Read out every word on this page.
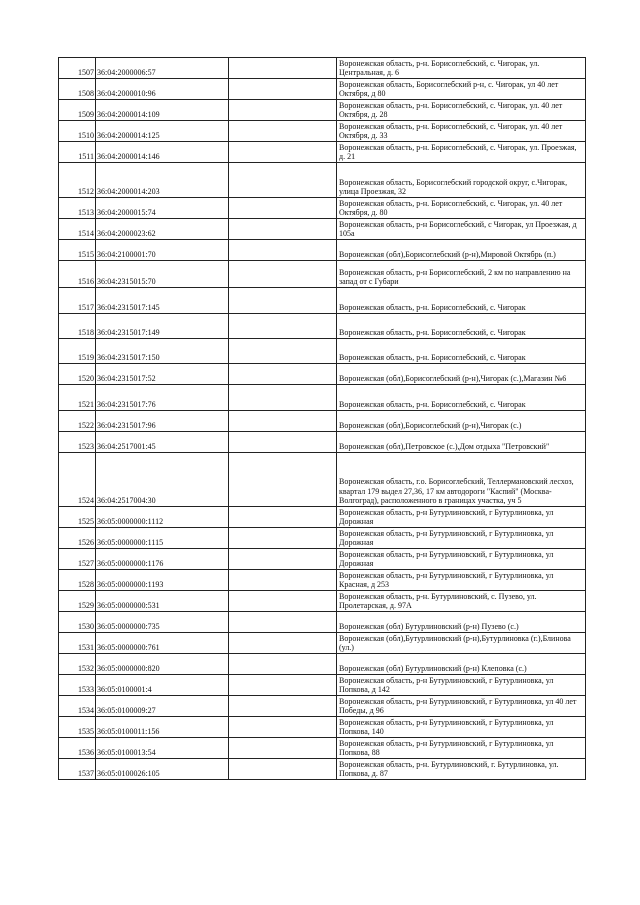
1507	36:04:2000006:57		Воронежская область, р-н. Борисоглебский, с. Чигорак, ул. Центральная, д. 6
1508	36:04:2000010:96		Воронежская область, Борисоглебский р-н, с. Чигорак, ул 40 лет Октября, д 80
1509	36:04:2000014:109		Воронежская область, р-н. Борисоглебский, с. Чигорак, ул. 40 лет Октября, д. 28
1510	36:04:2000014:125		Воронежская область, р-н. Борисоглебский, с. Чигорак, ул. 40 лет Октября, д. 33
1511	36:04:2000014:146		Воронежская область, р-н. Борисоглебский, с. Чигорак, ул. Проезжая, д. 21
1512	36:04:2000014:203		Воронежская область, Борисоглебский городской округ, с.Чигорак, улица Проезжая, 32
1513	36:04:2000015:74		Воронежская область, р-н. Борисоглебский, с. Чигорак, ул. 40 лет Октября, д. 80
1514	36:04:2000023:62		Воронежская область, р-н Борисоглебский, с Чигорак, ул Проезжая, д 105а
1515	36:04:2100001:70		Воронежская (обл),Борисоглебский (р-н),Мировой Октябрь (п.)
1516	36:04:2315015:70		Воронежская область, р-н Борисоглебский, 2 км по направлению на запад от с Губари
1517	36:04:2315017:145		Воронежская область, р-н. Борисоглебский, с. Чигорак
1518	36:04:2315017:149		Воронежская область, р-н. Борисоглебский, с. Чигорак
1519	36:04:2315017:150		Воронежская область, р-н. Борисоглебский, с. Чигорак
1520	36:04:2315017:52		Воронежская (обл),Борисоглебский (р-н),Чигорак (с.),Магазин №6
1521	36:04:2315017:76		Воронежская область, р-н. Борисоглебский, с. Чигорак
1522	36:04:2315017:96		Воронежская (обл),Борисоглебский (р-н),Чигорак (с.)
1523	36:04:2517001:45		Воронежская (обл),Петровское (с.),Дом отдыха "Петровский"
1524	36:04:2517004:30		Воронежская область, г.о. Борисоглебский, Теллермановский лесхоз, квартал 179 выдел 27,36, 17 км автодороги "Каспий" (Москва-Волгоград), расположенного в границах участка, уч 5
1525	36:05:0000000:1112		Воронежская область, р-н Бутурлиновский, г Бутурлиновка, ул Дорожная
1526	36:05:0000000:1115		Воронежская область, р-н Бутурлиновский, г Бутурлиновка, ул Дорожная
1527	36:05:0000000:1176		Воронежская область, р-н Бутурлиновский, г Бутурлиновка, ул Дорожная
1528	36:05:0000000:1193		Воронежская область, р-н Бутурлиновский, г Бутурлиновка, ул Красная, д 253
1529	36:05:0000000:531		Воронежская область, р-н. Бутурлиновский, с. Пузево, ул. Пролетарская, д. 97А
1530	36:05:0000000:735		Воронежская (обл) Бутурлиновский (р-н) Пузево (с.)
1531	36:05:0000000:761		Воронежская (обл),Бутурлиновский (р-н),Бутурлиновка (г.),Блинова (ул.)
1532	36:05:0000000:820		Воронежская (обл) Бутурлиновский (р-н) Клеповка (с.)
1533	36:05:0100001:4		Воронежская область, р-н Бутурлиновский, г Бутурлиновка, ул Попкова, д 142
1534	36:05:0100009:27		Воронежская область, р-н Бутурлиновский, г Бутурлиновка, ул 40 лет Победы, д 96
1535	36:05:0100011:156		Воронежская область, р-н Бутурлиновский, г Бутурлиновка, ул Попкова, 140
1536	36:05:0100013:54		Воронежская область, р-н Бутурлиновский, г Бутурлиновка, ул Попкова, 88
1537	36:05:0100026:105		Воронежская область, р-н. Бутурлиновский, г. Бутурлиновка, ул. Попкова, д. 87
